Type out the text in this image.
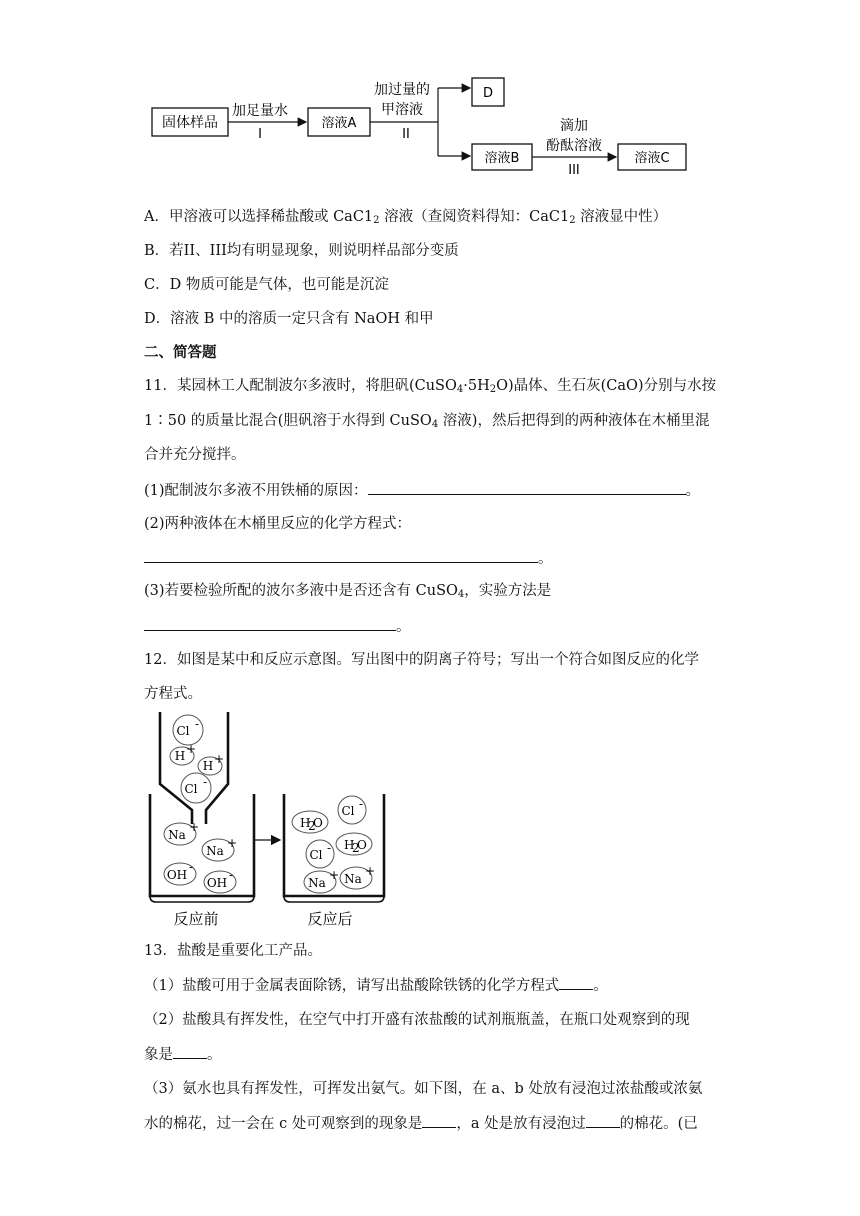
固体样品
加足量水
I
溶液A
加过量的
甲溶液
II
D
溶液B
滴加
酚酞溶液
III
溶液C
A．甲溶液可以选择稀盐酸或 $CaC1_2$ 溶液（查阅资料得知：$CaC1_2$ 溶液显中性）
B．若II、III均有明显现象，则说明样品部分变质
C．D 物质可能是气体，也可能是沉淀
D．溶液 B 中的溶质一定只含有 NaOH 和甲
二、简答题
11．某园林工人配制波尔多液时，将胆矾$(CuSO_4\cdot 5H_2O)$晶体、生石灰(CaO)分别与水按
1∶50 的质量比混合(胆矾溶于水得到 CuSO$_4$ 溶液)，然后把得到的两种液体在木桶里混
合并充分搅拌。
(1)配制波尔多液不用铁桶的原因：	。
(2)两种液体在木桶里反应的化学方程式：
。
(3)若要检验所配的波尔多液中是否还含有 CuSO$_4$，实验方法是
。
12．如图是某中和反应示意图。写出图中的阴离子符号；写出一个符合如图反应的化学
方程式。
Cl -
H +
H +
Cl -
Na
+
Na
+
OH
-
OH
-
H
2
O
Cl -
H
2
O
Cl -
Na
+ Na
+
反应前	反应后
13．盐酸是重要化工产品。
（1）盐酸可用于金属表面除锈，请写出盐酸除铁锈的化学方程式 。
（2）盐酸具有挥发性，在空气中打开盛有浓盐酸的试剂瓶瓶盖，在瓶口处观察到的现
象是 。
（3）氨水也具有挥发性，可挥发出氨气。如下图，在 a、b 处放有浸泡过浓盐酸或浓氨
水的棉花，过一会在 c 处可观察到的现象是 ，a 处是放有浸泡过 的棉花。(已
